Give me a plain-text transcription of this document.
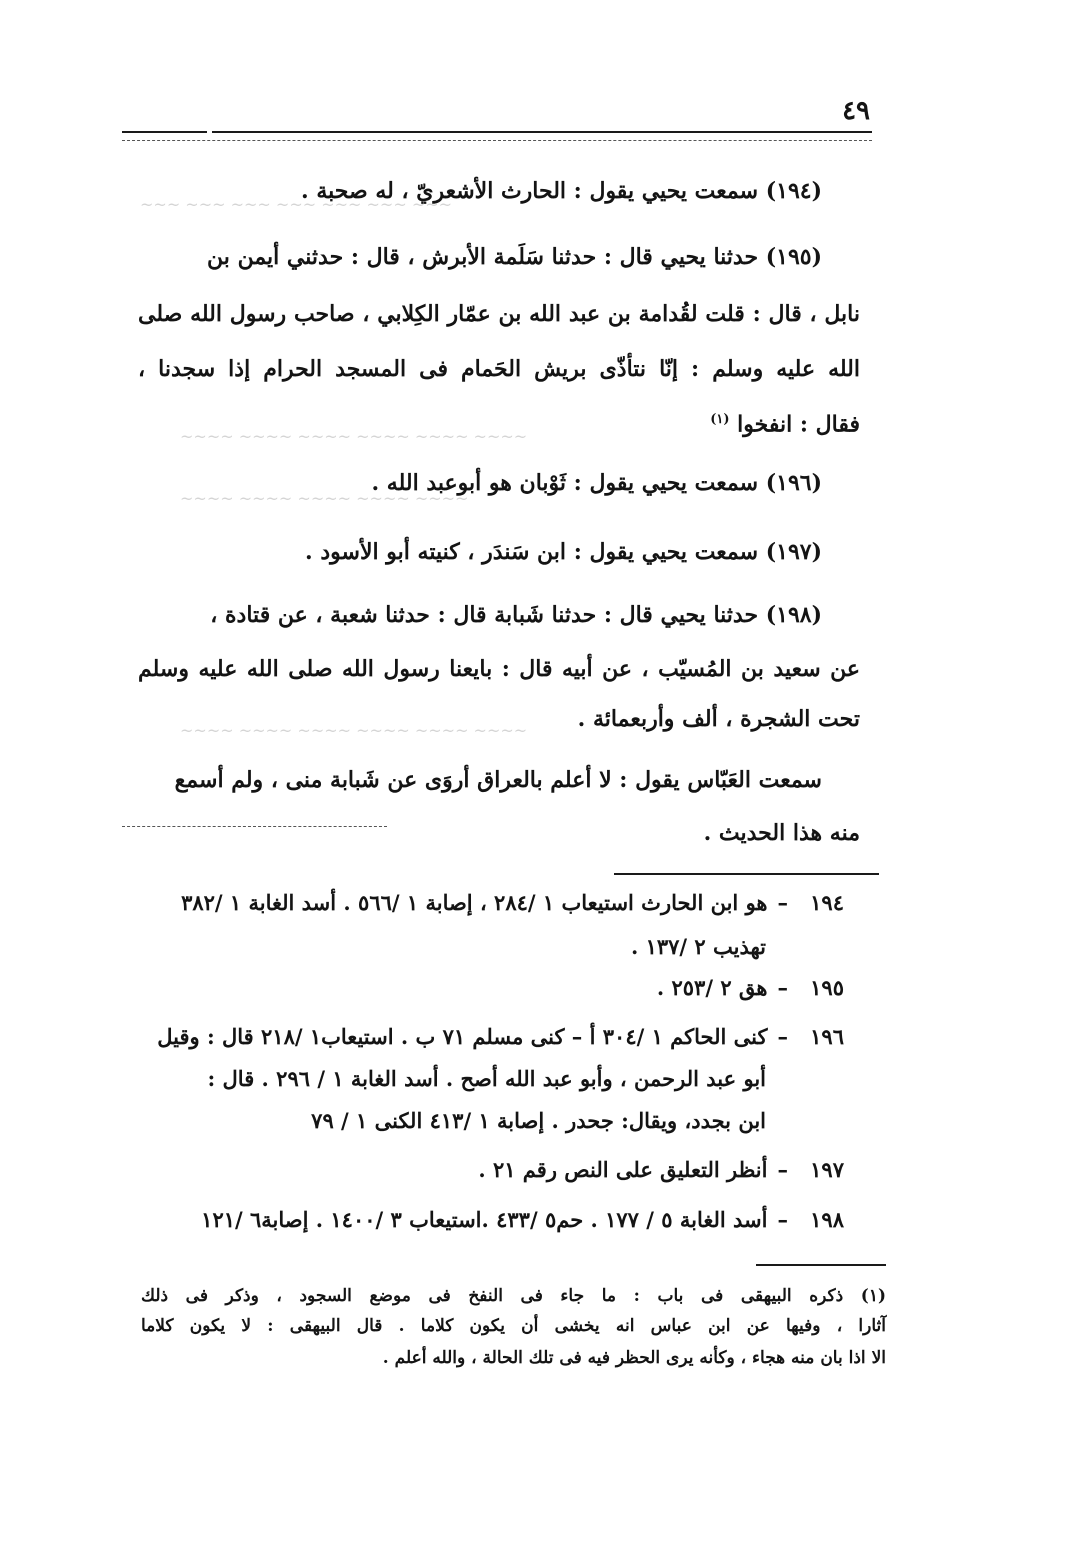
٤٩
~~~ ~~~ ~~~ ~~~ ~~~ ~~~ ~~~
~~~~ ~~~~ ~~~~ ~~~~ ~~~~ ~~~~
~~~~ ~~~~ ~~~~ ~~~~ ~~~~
~~~~ ~~~~ ~~~~ ~~~~ ~~~~ ~~~~
(١٩٤) سمعت يحيي يقول : الحارث الأشعريّ ، له صحبة .
(١٩٥) حدثنا يحيي قال : حدثنا سَلَمة الأبرش ، قال : حدثني أيمن بن
نابل ، قال : قلت لقُدامة بن عبد الله بن عمّار الكِلابي ، صاحب رسول الله صلى
الله عليه وسلم : إنّا نتأذّى بريش الحَمام فى المسجد الحرام إذا سجدنا ،
فقال : انفخوا $^{(١)}$
(١٩٦) سمعت يحيي يقول : ثَوْبان هو أبوعبد الله .
(١٩٧) سمعت يحيي يقول : ابن سَندَر ، كنيته أبو الأسود .
(١٩٨) حدثنا يحيي قال : حدثنا شَبابة قال : حدثنا شعبة ، عن قتادة ،
عن سعيد بن المُسيّب ، عن أبيه قال : بايعنا رسول الله صلى الله عليه وسلم
تحت الشجرة ، ألف وأربعمائة .
سمعت العَبّاس يقول : لا أعلم بالعراق أروَى عن شَبابة منى ، ولم أسمع
منه هذا الحديث .
١٩٤–هو ابن الحارث استيعاب ١ /٢٨٤ ، إصابة ١ /٥٦٦ . أسد الغابة ١ /٣٨٢
تهذيب ٢ /١٣٧ .
١٩٥–هق ٢ /٢٥٣ .
١٩٦–كنى الحاكم ١ /٣٠٤ أ – كنى مسلم ٧١ ب . استيعاب١ /٢١٨ قال : وقيل
أبو عبد الرحمن ، وأبو عبد الله أصح . أسد الغابة ١ / ٢٩٦ . قال :
ابن بجدد، ويقال: جحدر . إصابة ١ /٤١٣ الكنى ١ / ٧٩
١٩٧–أنظر التعليق على النص رقم ٢١ .
١٩٨–أسد الغابة ٥ / ١٧٧ . حم٥ /٤٣٣ .استيعاب ٣ /١٤٠٠ . إصابة٦ /١٢١
(١) ذكره البيهقى فى باب : ما جاء فى النفخ فى موضع السجود ، وذكر فى ذلك
آثارا ، وفيها عن ابن عباس انه يخشى أن يكون كلاما . قال البيهقى : لا يكون كلاما
الا اذا بان منه هجاء ، وكأنه يرى الحظر فيه فى تلك الحالة ، والله أعلم .
